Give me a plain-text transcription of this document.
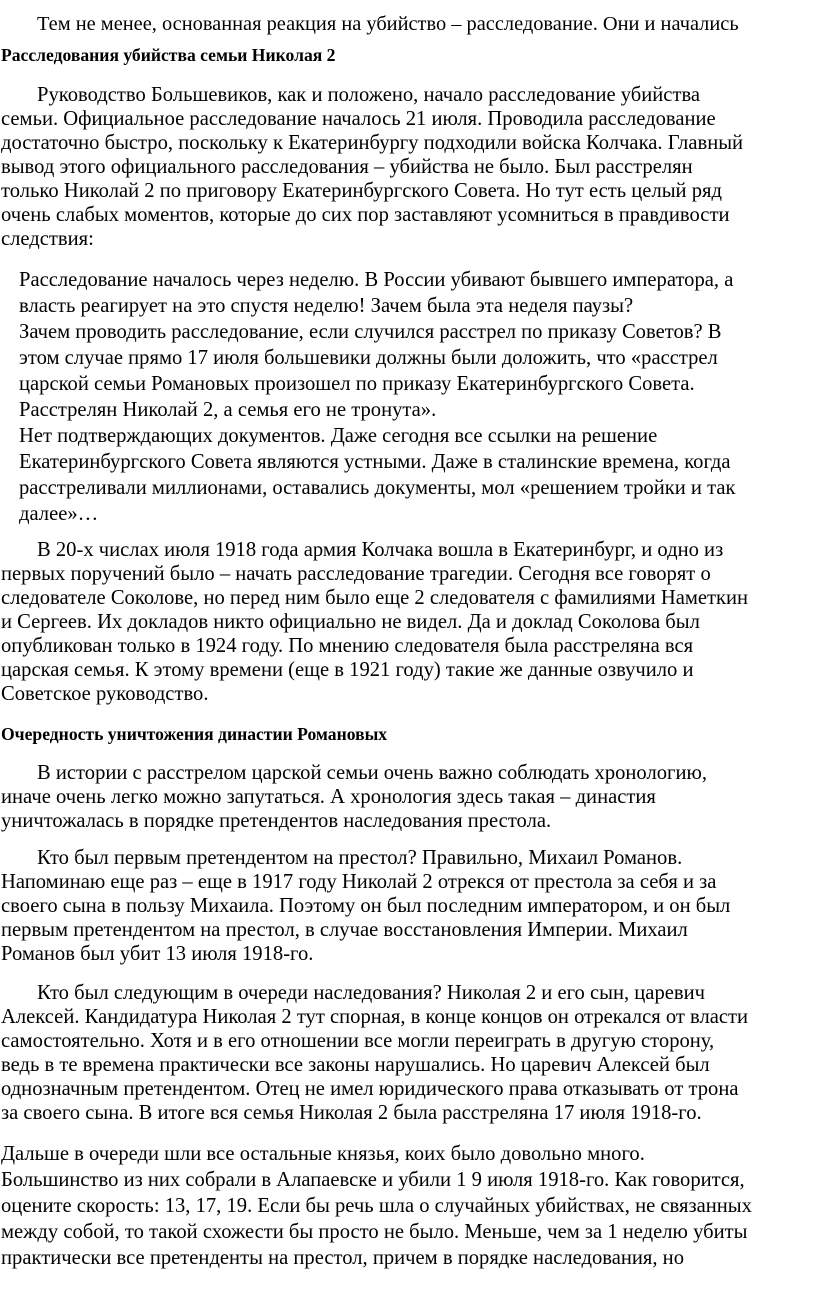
Тем не менее, основанная реакция на убийство – расследование. Они и начались
Расследования убийства семьи Николая 2
Руководство Большевиков, как и положено, начало расследование убийства
семьи. Официальное расследование началось 21 июля. Проводила расследование
достаточно быстро, поскольку к Екатеринбургу подходили войска Колчака. Главный
вывод этого официального расследования – убийства не было. Был расстрелян
только Николай 2 по приговору Екатеринбургского Совета. Но тут есть целый ряд
очень слабых моментов, которые до сих пор заставляют усомниться в правдивости
следствия:
Расследование началось через неделю. В России убивают бывшего императора, а
власть реагирует на это спустя неделю! Зачем была эта неделя паузы?
Зачем проводить расследование, если случился расстрел по приказу Советов? В
этом случае прямо 17 июля большевики должны были доложить, что «расстрел
царской семьи Романовых произошел по приказу Екатеринбургского Совета.
Расстрелян Николай 2, а семья его не тронута».
Нет подтверждающих документов. Даже сегодня все ссылки на решение
Екатеринбургского Совета являются устными. Даже в сталинские времена, когда
расстреливали миллионами, оставались документы, мол «решением тройки и так
далее»…
В 20-х числах июля 1918 года армия Колчака вошла в Екатеринбург, и одно из
первых поручений было – начать расследование трагедии. Сегодня все говорят о
следователе Соколове, но перед ним было еще 2 следователя с фамилиями Наметкин
и Сергеев. Их докладов никто официально не видел. Да и доклад Соколова был
опубликован только в 1924 году. По мнению следователя была расстреляна вся
царская семья. К этому времени (еще в 1921 году) такие же данные озвучило и
Советское руководство.
Очередность уничтожения династии Романовых
В истории с расстрелом царской семьи очень важно соблюдать хронологию,
иначе очень легко можно запутаться. А хронология здесь такая – династия
уничтожалась в порядке претендентов наследования престола.
Кто был первым претендентом на престол? Правильно, Михаил Романов.
Напоминаю еще раз – еще в 1917 году Николай 2 отрекся от престола за себя и за
своего сына в пользу Михаила. Поэтому он был последним императором, и он был
первым претендентом на престол, в случае восстановления Империи. Михаил
Романов был убит 13 июля 1918-го.
Кто был следующим в очереди наследования? Николая 2 и его сын, царевич
Алексей. Кандидатура Николая 2 тут спорная, в конце концов он отрекался от власти
самостоятельно. Хотя и в его отношении все могли переиграть в другую сторону,
ведь в те времена практически все законы нарушались. Но царевич Алексей был
однозначным претендентом. Отец не имел юридического права отказывать от трона
за своего сына. В итоге вся семья Николая 2 была расстреляна 17 июля 1918-го.
Дальше в очереди шли все остальные князья, коих было довольно много.
Большинство из них собрали в Алапаевске и убили 1 9 июля 1918-го. Как говорится,
оцените скорость: 13, 17, 19. Если бы речь шла о случайных убийствах, не связанных
между собой, то такой схожести бы просто не было. Меньше, чем за 1 неделю убиты
практически все претенденты на престол, причем в порядке наследования, но
